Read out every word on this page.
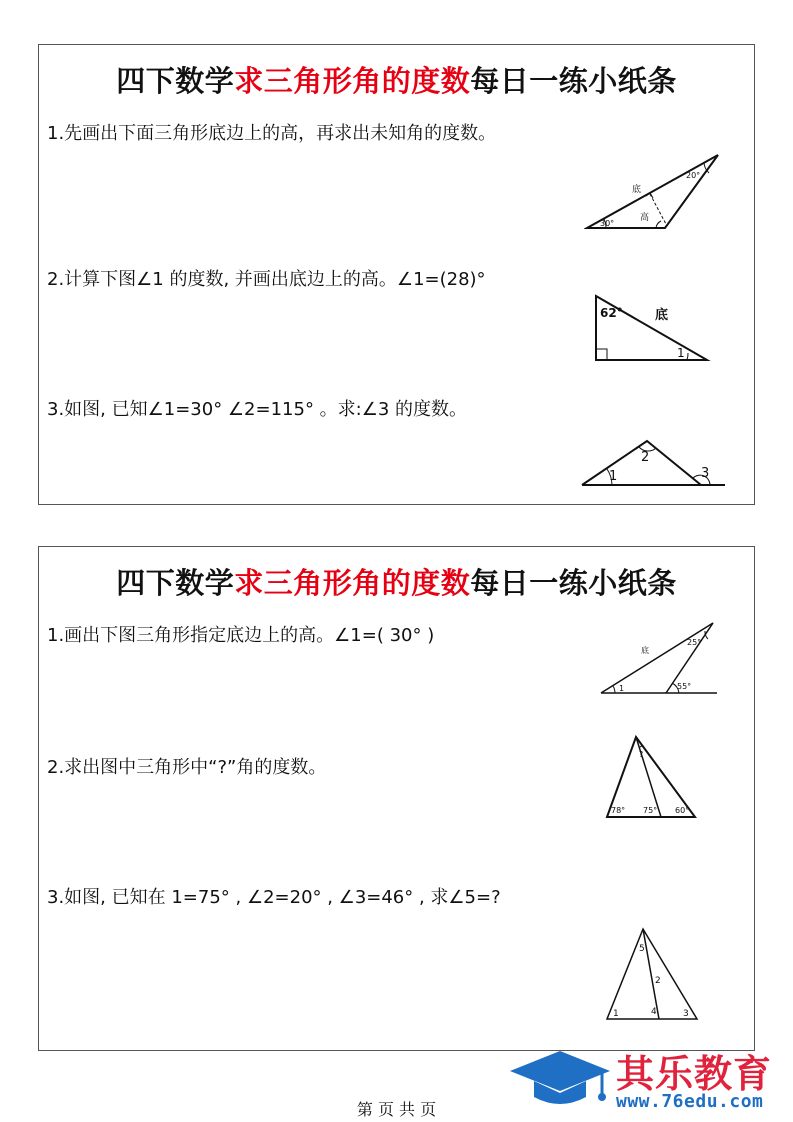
四下数学求三角形角的度数每日一练小纸条
1.先画出下面三角形底边上的高，再求出未知角的度数。
底
高
30°
20°
2.计算下图∠1 的度数, 并画出底边上的高。∠1=(28)°
62° 底
1
3.如图, 已知∠1=30° ∠2=115° 。求:∠3 的度数。
1
2
3
四下数学求三角形角的度数每日一练小纸条
1.画出下图三角形指定底边上的高。∠1=( 30° )
底
25°
1	55°
2.求出图中三角形中“?”角的度数。
?
78° 75° 60°
3.如图, 已知在 1=75° , ∠2=20° , ∠3=46° , 求∠5=?
5
2
1	4	3
其乐教育
www.76edu.com
第 页 共 页
